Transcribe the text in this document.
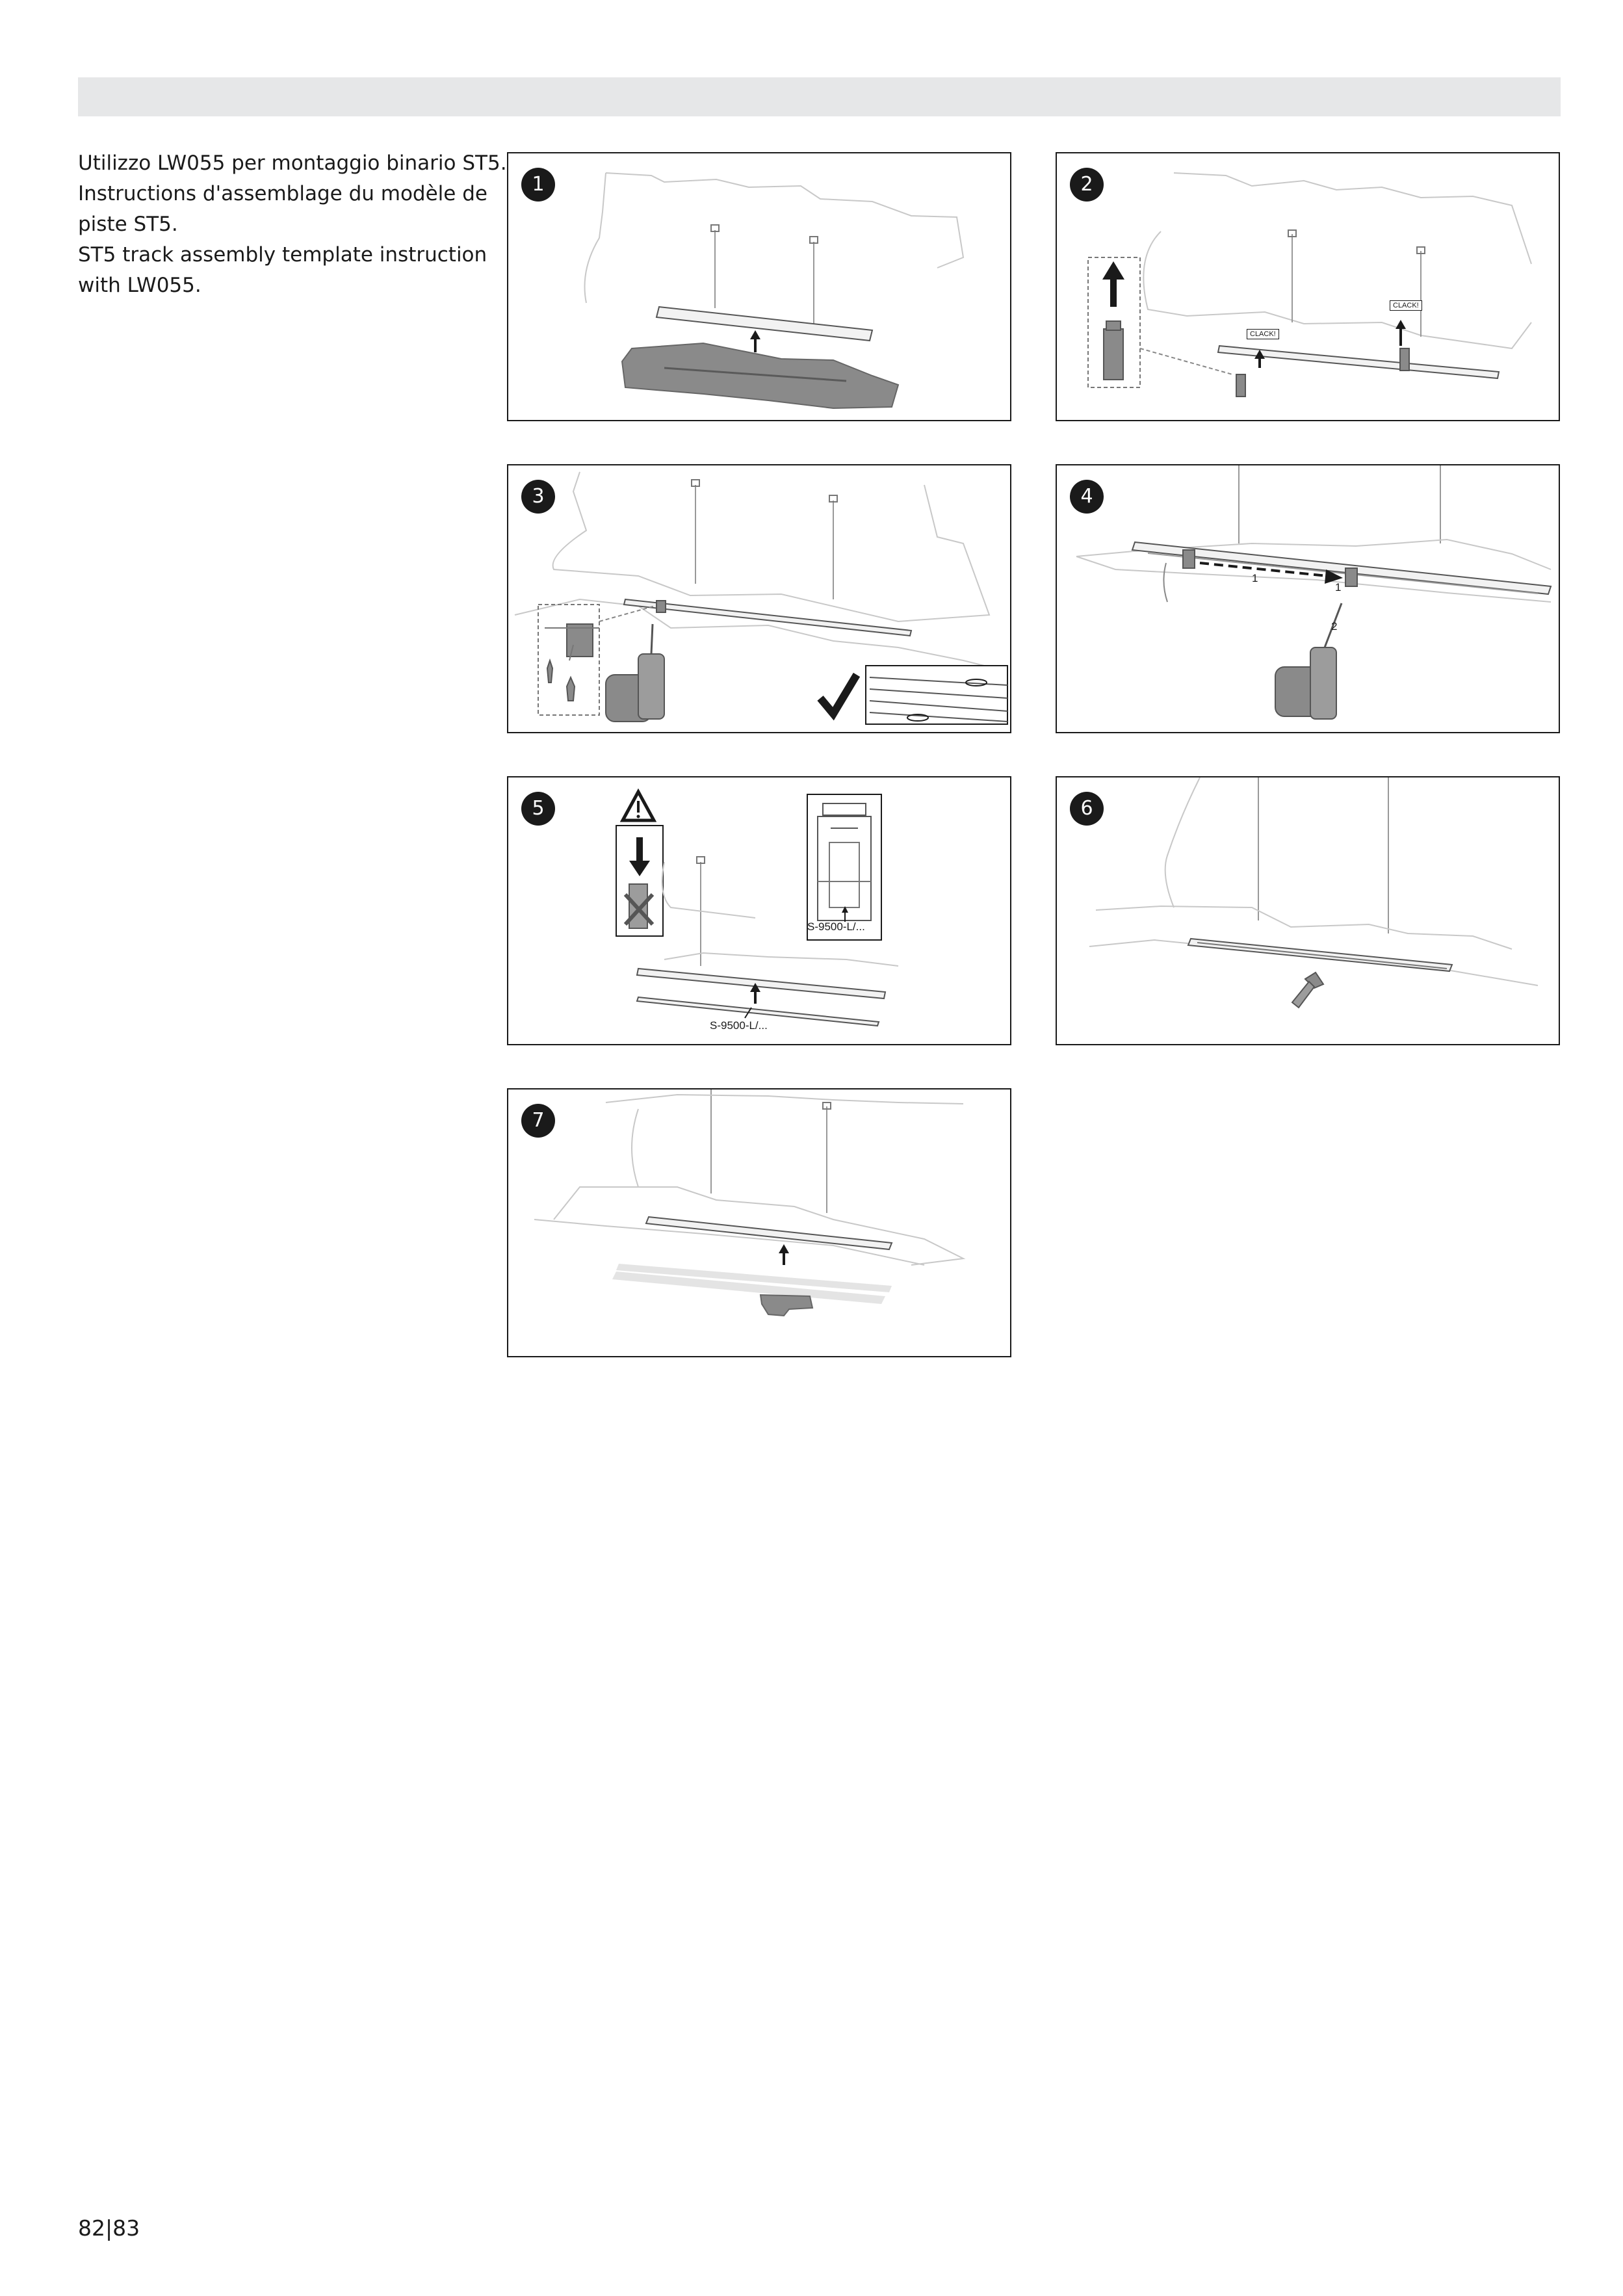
Utilizzo LW055 per montaggio binario ST5.
Instructions d'assemblage du modèle de
piste ST5.
ST5 track assembly template instruction
with LW055.
1	2
CLACK!
CLACK!
3	4
1
1
2
5
S-9500-L/...
S-9500-L/...
6
7
82|83
